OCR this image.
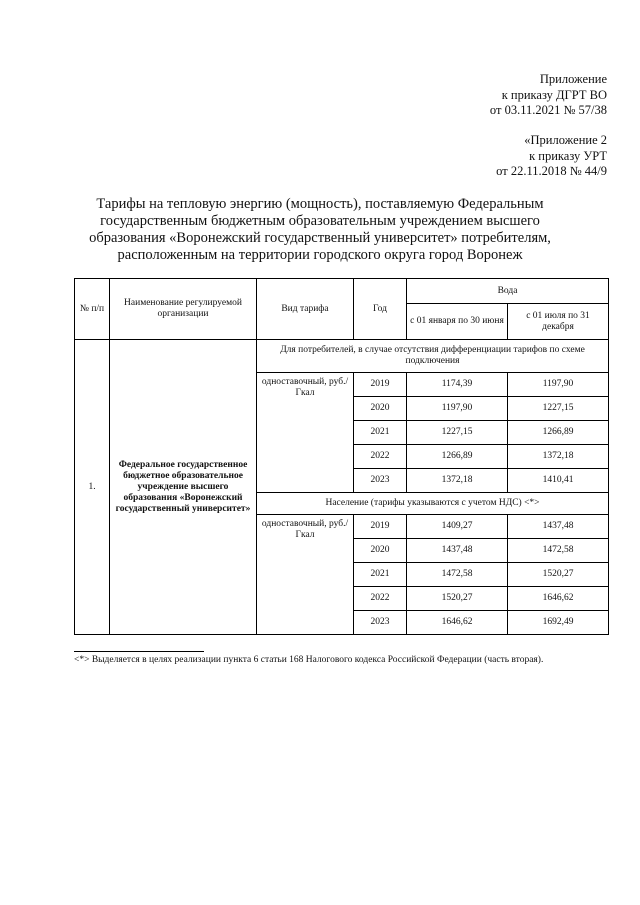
Приложение
к приказу ДГРТ ВО
от 03.11.2021 № 57/38
«Приложение 2
к приказу УРТ
от 22.11.2018 № 44/9
Тарифы на тепловую энергию (мощность), поставляемую Федеральным
государственным бюджетным образовательным учреждением высшего
образования «Воронежский государственный университет» потребителям,
расположенным на территории городского округа город Воронеж
№ п/п	Наименование регулируемой организации	Вид тарифа	Год	Вода	
				с 01 января по 30 июня	с 01 июля по 31 декабря
1.	Федеральное государственное бюджетное образовательное учреждение высшего образования «Воронежский государственный университет»	Для потребителей, в случае отсутствия дифференциации тарифов по схеме подключения			
		одноставочный, руб./Гкал	2019	1174,39	1197,90
			2020	1197,90	1227,15
			2021	1227,15	1266,89
			2022	1266,89	1372,18
			2023	1372,18	1410,41
		Население (тарифы указываются с учетом НДС) <*>			
		одноставочный, руб./Гкал	2019	1409,27	1437,48
			2020	1437,48	1472,58
			2021	1472,58	1520,27
			2022	1520,27	1646,62
			2023	1646,62	1692,49
<*> Выделяется в целях реализации пункта 6 статьи 168 Налогового кодекса Российской Федерации (часть вторая).
